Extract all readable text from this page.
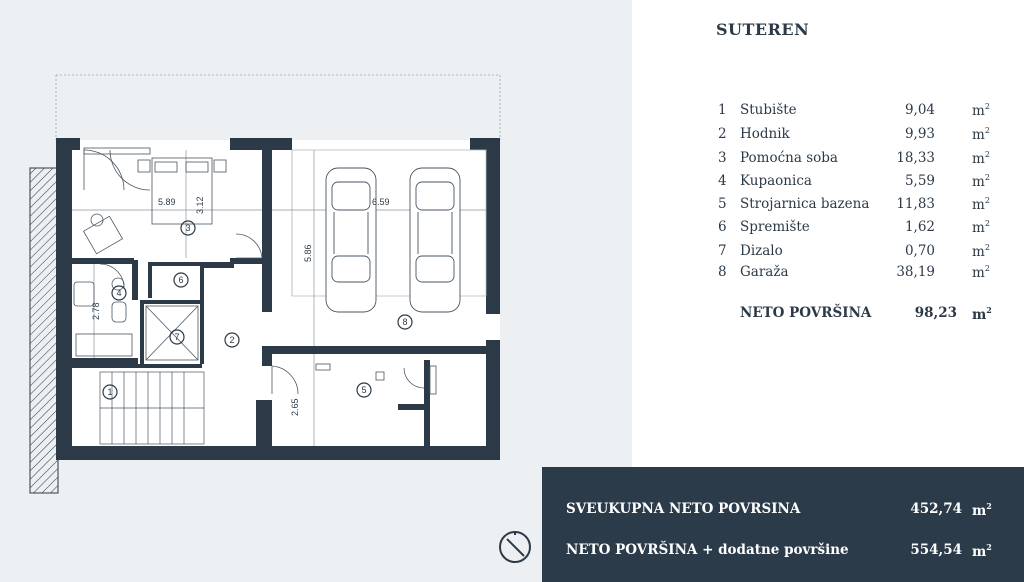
5.89 3.12	6.59
5.86
2.78
2.65
1
2
3
4
5
6
7
8
SUTEREN
1 Stubište	9,04	$m^2$
2 Hodnik	9,93	$m^2$
3 Pomoćna soba	18,33	$m^2$
4 Kupaonica	5,59	$m^2$
5 Strojarnica bazena 11,83	$m^2$
6 Spremište	1,62	$m^2$
7 Dizalo	0,70	$m^2$
8 Garaža	38,19	$m^2$
NETO POVRŠINA	98,23 $m^2$
SVEUKUPNA NETO POVRSINA	452,74 $m^2$
NETO POVRŠINA + dodatne površine	554,54 $m^2$
